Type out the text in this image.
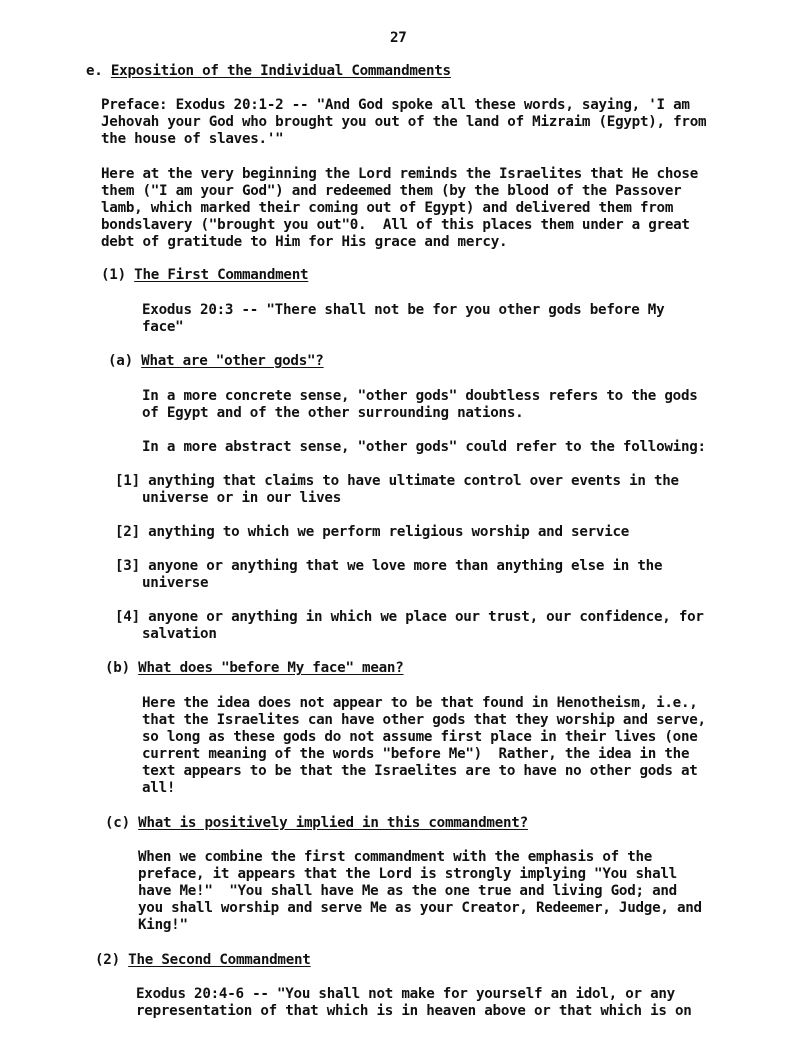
27
e. Exposition of the Individual Commandments
Preface: Exodus 20:1-2 -- "And God spoke all these words, saying, 'I am
Jehovah your God who brought you out of the land of Mizraim (Egypt), from
the house of slaves.'"
Here at the very beginning the Lord reminds the Israelites that He chose
them ("I am your God") and redeemed them (by the blood of the Passover
lamb, which marked their coming out of Egypt) and delivered them from
bondslavery ("brought you out"0.  All of this places them under a great
debt of gratitude to Him for His grace and mercy.
(1) The First Commandment
Exodus 20:3 -- "There shall not be for you other gods before My
face"
(a) What are "other gods"?
In a more concrete sense, "other gods" doubtless refers to the gods
of Egypt and of the other surrounding nations.
In a more abstract sense, "other gods" could refer to the following:
[1] anything that claims to have ultimate control over events in the
universe or in our lives
[2] anything to which we perform religious worship and service
[3] anyone or anything that we love more than anything else in the
universe
[4] anyone or anything in which we place our trust, our confidence, for
salvation
(b) What does "before My face" mean?
Here the idea does not appear to be that found in Henotheism, i.e.,
that the Israelites can have other gods that they worship and serve,
so long as these gods do not assume first place in their lives (one
current meaning of the words "before Me")  Rather, the idea in the
text appears to be that the Israelites are to have no other gods at
all!
(c) What is positively implied in this commandment?
When we combine the first commandment with the emphasis of the
preface, it appears that the Lord is strongly implying "You shall
have Me!"  "You shall have Me as the one true and living God; and
you shall worship and serve Me as your Creator, Redeemer, Judge, and
King!"
(2) The Second Commandment
Exodus 20:4-6 -- "You shall not make for yourself an idol, or any
representation of that which is in heaven above or that which is on
